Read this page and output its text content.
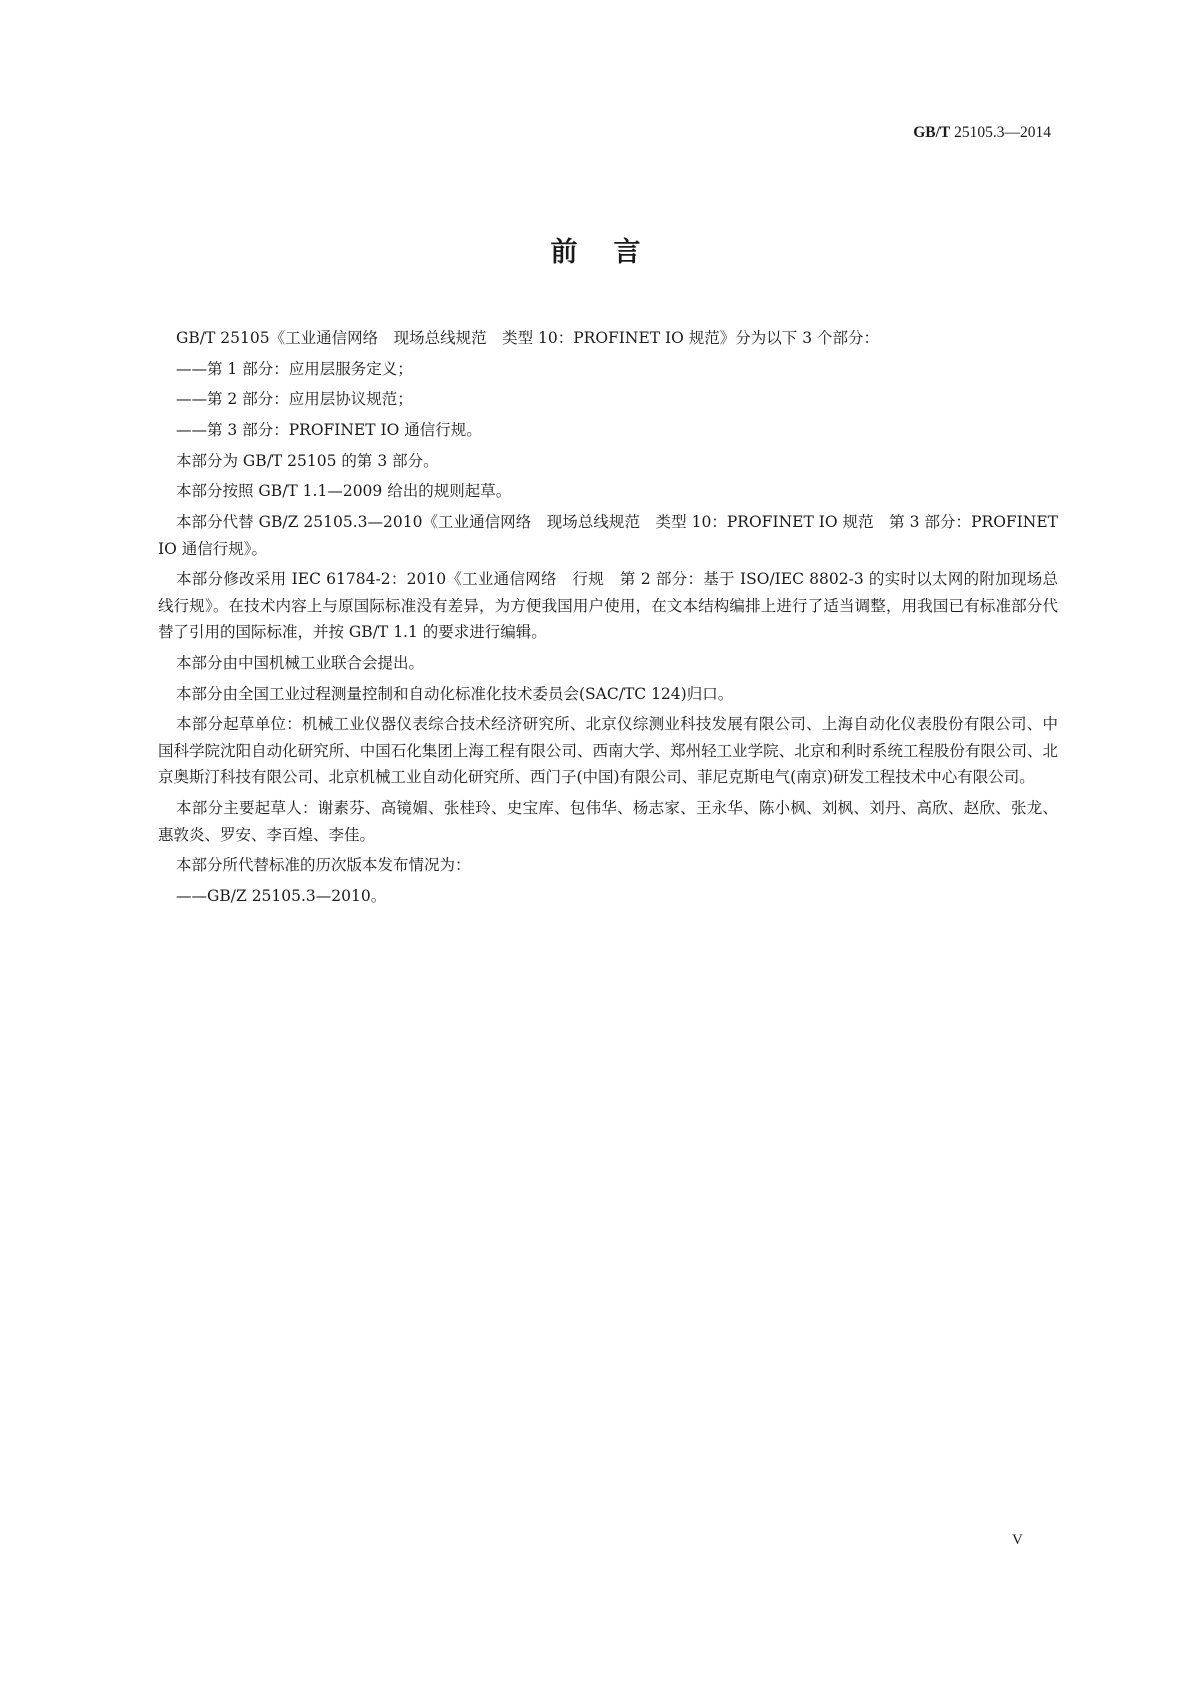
GB/T 25105.3—2014
前言

GB/T 25105《工业通信网络　现场总线规范　类型 10：PROFINET IO 规范》分为以下 3 个部分：

——第 1 部分：应用层服务定义；

——第 2 部分：应用层协议规范；

——第 3 部分：PROFINET IO 通信行规。

本部分为 GB/T 25105 的第 3 部分。

本部分按照 GB/T 1.1—2009 给出的规则起草。

本部分代替 GB/Z 25105.3—2010《工业通信网络　现场总线规范　类型 10：PROFINET IO 规范　第 3 部分：PROFINET IO 通信行规》。

本部分修改采用 IEC 61784-2：2010《工业通信网络　行规　第 2 部分：基于 ISO/IEC 8802-3 的实时以太网的附加现场总线行规》。在技术内容上与原国际标准没有差异，为方便我国用户使用，在文本结构编排上进行了适当调整，用我国已有标准部分代替了引用的国际标准，并按 GB/T 1.1 的要求进行编辑。

本部分由中国机械工业联合会提出。

本部分由全国工业过程测量控制和自动化标准化技术委员会(SAC/TC 124)归口。

本部分起草单位：机械工业仪器仪表综合技术经济研究所、北京仪综测业科技发展有限公司、上海自动化仪表股份有限公司、中国科学院沈阳自动化研究所、中国石化集团上海工程有限公司、西南大学、郑州轻工业学院、北京和利时系统工程股份有限公司、北京奥斯汀科技有限公司、北京机械工业自动化研究所、西门子(中国)有限公司、菲尼克斯电气(南京)研发工程技术中心有限公司。

本部分主要起草人：谢素芬、高镜媚、张桂玲、史宝库、包伟华、杨志家、王永华、陈小枫、刘枫、刘丹、高欣、赵欣、张龙、惠敦炎、罗安、李百煌、李佳。

本部分所代替标准的历次版本发布情况为：

——GB/Z 25105.3—2010。

V
